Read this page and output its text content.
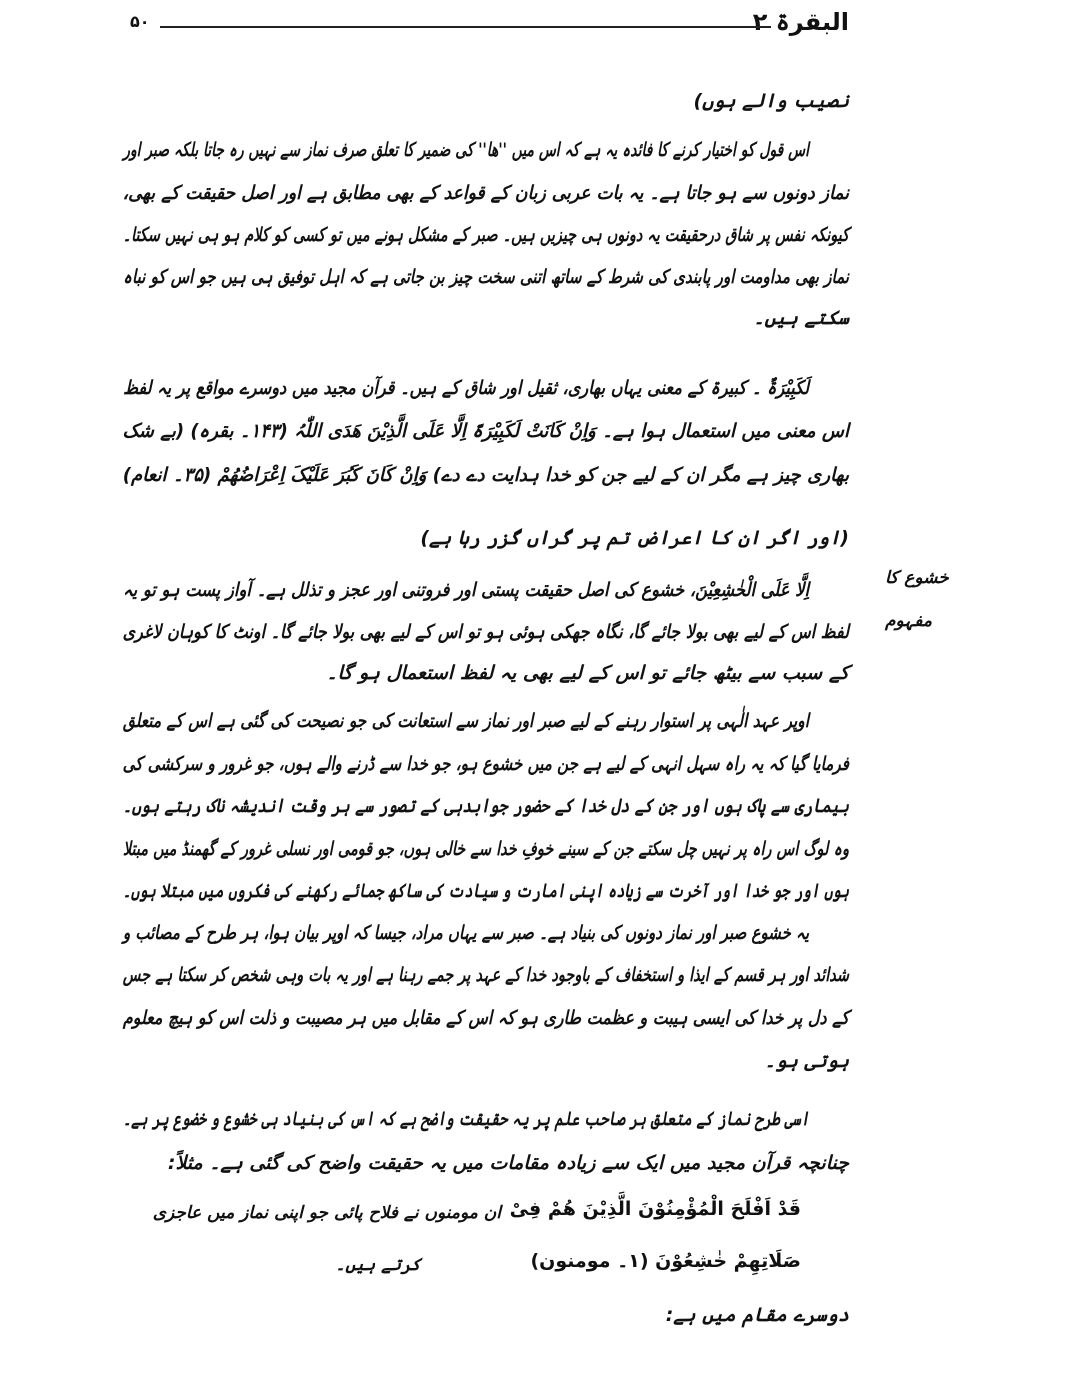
البقرۃ ۲
۵۰
نصیب والے ہوں)
اس قول کو اختیار کرنے کا فائدہ یہ ہے کہ اس میں ''ھا'' کی ضمیر کا تعلق صرف نماز سے نہیں رہ جاتا بلکہ صبر اور
نماز دونوں سے ہو جاتا ہے۔ یہ بات عربی زبان کے قواعد کے بھی مطابق ہے اور اصل حقیقت کے بھی،
کیونکہ نفس پر شاق درحقیقت یہ دونوں ہی چیزیں ہیں۔ صبر کے مشکل ہونے میں تو کسی کو کلام ہو ہی نہیں سکتا۔
نماز بھی مداومت اور پابندی کی شرط کے ساتھ اتنی سخت چیز بن جاتی ہے کہ اہل توفیق ہی ہیں جو اس کو نباہ
سکتے ہیں۔
لَکَبِیْرَۃٌ ۔ کبیرۃ کے معنی یہاں بھاری، ثقیل اور شاق کے ہیں۔ قرآن مجید میں دوسرے مواقع پر یہ لفظ
اس معنی میں استعمال ہوا ہے۔ وَاِنْ کَانَتْ لَکَبِیْرَۃً اِلَّا عَلَی الَّذِیْنَ ھَدَی اللّٰہُ (۱۴۳۔ بقرہ) (بے شک
بھاری چیز ہے مگر ان کے لیے جن کو خدا ہدایت دے دے) وَاِنْ کَانَ کَبُرَ عَلَیْکَ اِعْرَاضُھُمْ (۳۵۔ انعام)
(اور اگر ان کا اعراض تم پر گراں گزر رہا ہے)
خشوع کا
مفہوم
اِلَّا عَلَی الْخٰشِعِیْنَ، خشوع کی اصل حقیقت پستی اور فروتنی اور عجز و تذلل ہے۔ آواز پست ہو تو یہ
لفظ اس کے لیے بھی بولا جائے گا، نگاہ جھکی ہوئی ہو تو اس کے لیے بھی بولا جائے گا۔ اونٹ کا کوہان لاغری
کے سبب سے بیٹھ جائے تو اس کے لیے بھی یہ لفظ استعمال ہو گا۔
اوپر عہد الٰہی پر استوار رہنے کے لیے صبر اور نماز سے استعانت کی جو نصیحت کی گئی ہے اس کے متعلق
فرمایا گیا کہ یہ راہ سہل انہی کے لیے ہے جن میں خشوع ہو، جو خدا سے ڈرنے والے ہوں، جو غرور و سرکشی کی
بیماری سے پاک ہوں اور جن کے دل خدا کے حضور جوابدہی کے تصور سے ہر وقت اندیشہ ناک رہتے ہوں۔
وہ لوگ اس راہ پر نہیں چل سکتے جن کے سینے خوفِ خدا سے خالی ہوں، جو قومی اور نسلی غرور کے گھمنڈ میں مبتلا
ہوں اور جو خدا اور آخرت سے زیادہ اپنی امارت و سیادت کی ساکھ جمائے رکھنے کی فکروں میں مبتلا ہوں۔
یہ خشوع صبر اور نماز دونوں کی بنیاد ہے۔ صبر سے یہاں مراد، جیسا کہ اوپر بیان ہوا، ہر طرح کے مصائب و
شدائد اور ہر قسم کے ایذا و استخفاف کے باوجود خدا کے عہد پر جمے رہنا ہے اور یہ بات وہی شخص کر سکتا ہے جس
کے دل پر خدا کی ایسی ہیبت و عظمت طاری ہو کہ اس کے مقابل میں ہر مصیبت و ذلت اس کو ہیچ معلوم
ہوتی ہو۔
اسی طرح نماز کے متعلق ہر صاحب علم پر یہ حقیقت واضح ہے کہ اس کی بنیاد ہی خشوع و خضوع پر ہے۔
چنانچہ قرآن مجید میں ایک سے زیادہ مقامات میں یہ حقیقت واضح کی گئی ہے۔ مثلاً:
قَدْ اَفْلَحَ الْمُؤْمِنُوْنَ الَّذِیْنَ ھُمْ فِیْ
صَلَاتِھِمْ خٰشِعُوْنَ (۱۔ مومنون)
ان مومنوں نے فلاح پائی جو اپنی نماز میں عاجزی
کرتے ہیں۔
دوسرے مقام میں ہے:
